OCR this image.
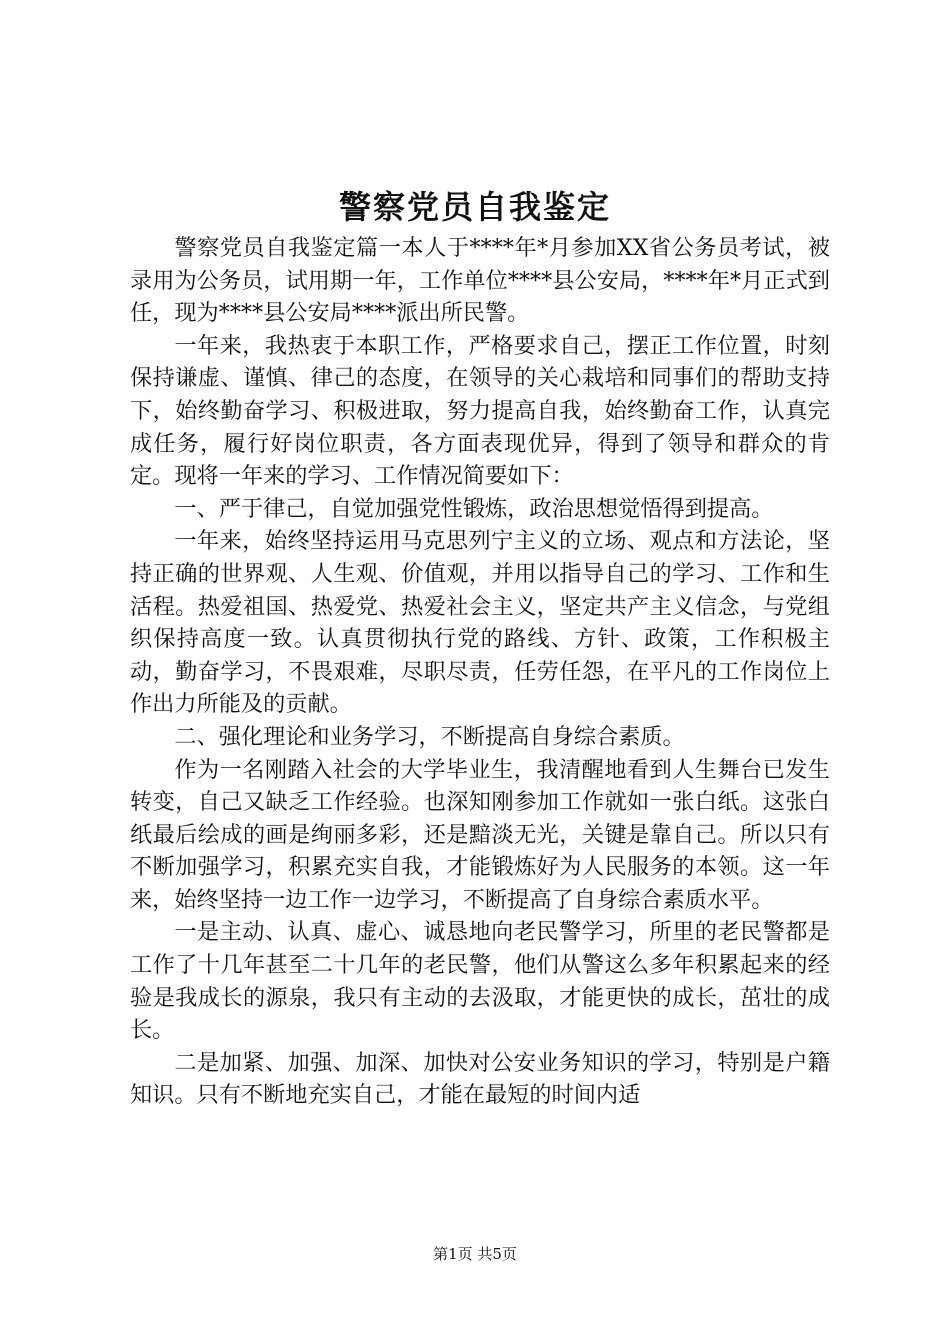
警察党员自我鉴定

警察党员自我鉴定篇一本人于****年*月参加XX省公务员考试，被录用为公务员，试用期一年，工作单位****县公安局，****年*月正式到任，现为****县公安局****派出所民警。

一年来，我热衷于本职工作，严格要求自己，摆正工作位置，时刻保持谦虚、谨慎、律己的态度，在领导的关心栽培和同事们的帮助支持下，始终勤奋学习、积极进取，努力提高自我，始终勤奋工作，认真完成任务，履行好岗位职责，各方面表现优异，得到了领导和群众的肯定。现将一年来的学习、工作情况简要如下：

一、严于律己，自觉加强党性锻炼，政治思想觉悟得到提高。

一年来，始终坚持运用马克思列宁主义的立场、观点和方法论，坚持正确的世界观、人生观、价值观，并用以指导自己的学习、工作和生活程。热爱祖国、热爱党、热爱社会主义，坚定共产主义信念，与党组织保持高度一致。认真贯彻执行党的路线、方针、政策，工作积极主动，勤奋学习，不畏艰难，尽职尽责，任劳任怨，在平凡的工作岗位上作出力所能及的贡献。

二、强化理论和业务学习，不断提高自身综合素质。

作为一名刚踏入社会的大学毕业生，我清醒地看到人生舞台已发生转变，自己又缺乏工作经验。也深知刚参加工作就如一张白纸。这张白纸最后绘成的画是绚丽多彩，还是黯淡无光，关键是靠自己。所以只有不断加强学习，积累充实自我，才能锻炼好为人民服务的本领。这一年来，始终坚持一边工作一边学习，不断提高了自身综合素质水平。

一是主动、认真、虚心、诚恳地向老民警学习，所里的老民警都是工作了十几年甚至二十几年的老民警，他们从警这么多年积累起来的经验是我成长的源泉，我只有主动的去汲取，才能更快的成长，茁壮的成长。

二是加紧、加强、加深、加快对公安业务知识的学习，特别是户籍知识。只有不断地充实自己，才能在最短的时间内适

第1页 共5页
